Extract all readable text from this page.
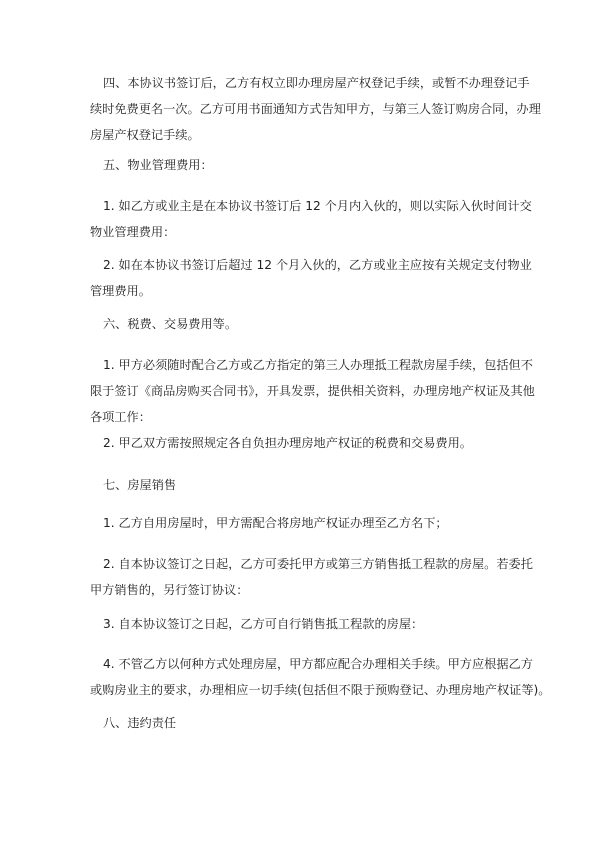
四、本协议书签订后，乙方有权立即办理房屋产权登记手续，或暂不办理登记手
续时免费更名一次。乙方可用书面通知方式告知甲方，与第三人签订购房合同，办理
房屋产权登记手续。

五、物业管理费用：

1. 如乙方或业主是在本协议书签订后 12 个月内入伙的，则以实际入伙时间计交
物业管理费用：

2. 如在本协议书签订后超过 12 个月入伙的，乙方或业主应按有关规定支付物业
管理费用。

六、税费、交易费用等。

1. 甲方必须随时配合乙方或乙方指定的第三人办理抵工程款房屋手续，包括但不
限于签订《商品房购买合同书》，开具发票，提供相关资料，办理房地产权证及其他
各项工作：

2. 甲乙双方需按照规定各自负担办理房地产权证的税费和交易费用。

七、房屋销售

1. 乙方自用房屋时，甲方需配合将房地产权证办理至乙方名下；

2. 自本协议签订之日起，乙方可委托甲方或第三方销售抵工程款的房屋。若委托
甲方销售的，另行签订协议：

3. 自本协议签订之日起，乙方可自行销售抵工程款的房屋：

4. 不管乙方以何种方式处理房屋，甲方都应配合办理相关手续。甲方应根据乙方
或购房业主的要求，办理相应一切手续(包括但不限于预购登记、办理房地产权证等)。

八、违约责任
